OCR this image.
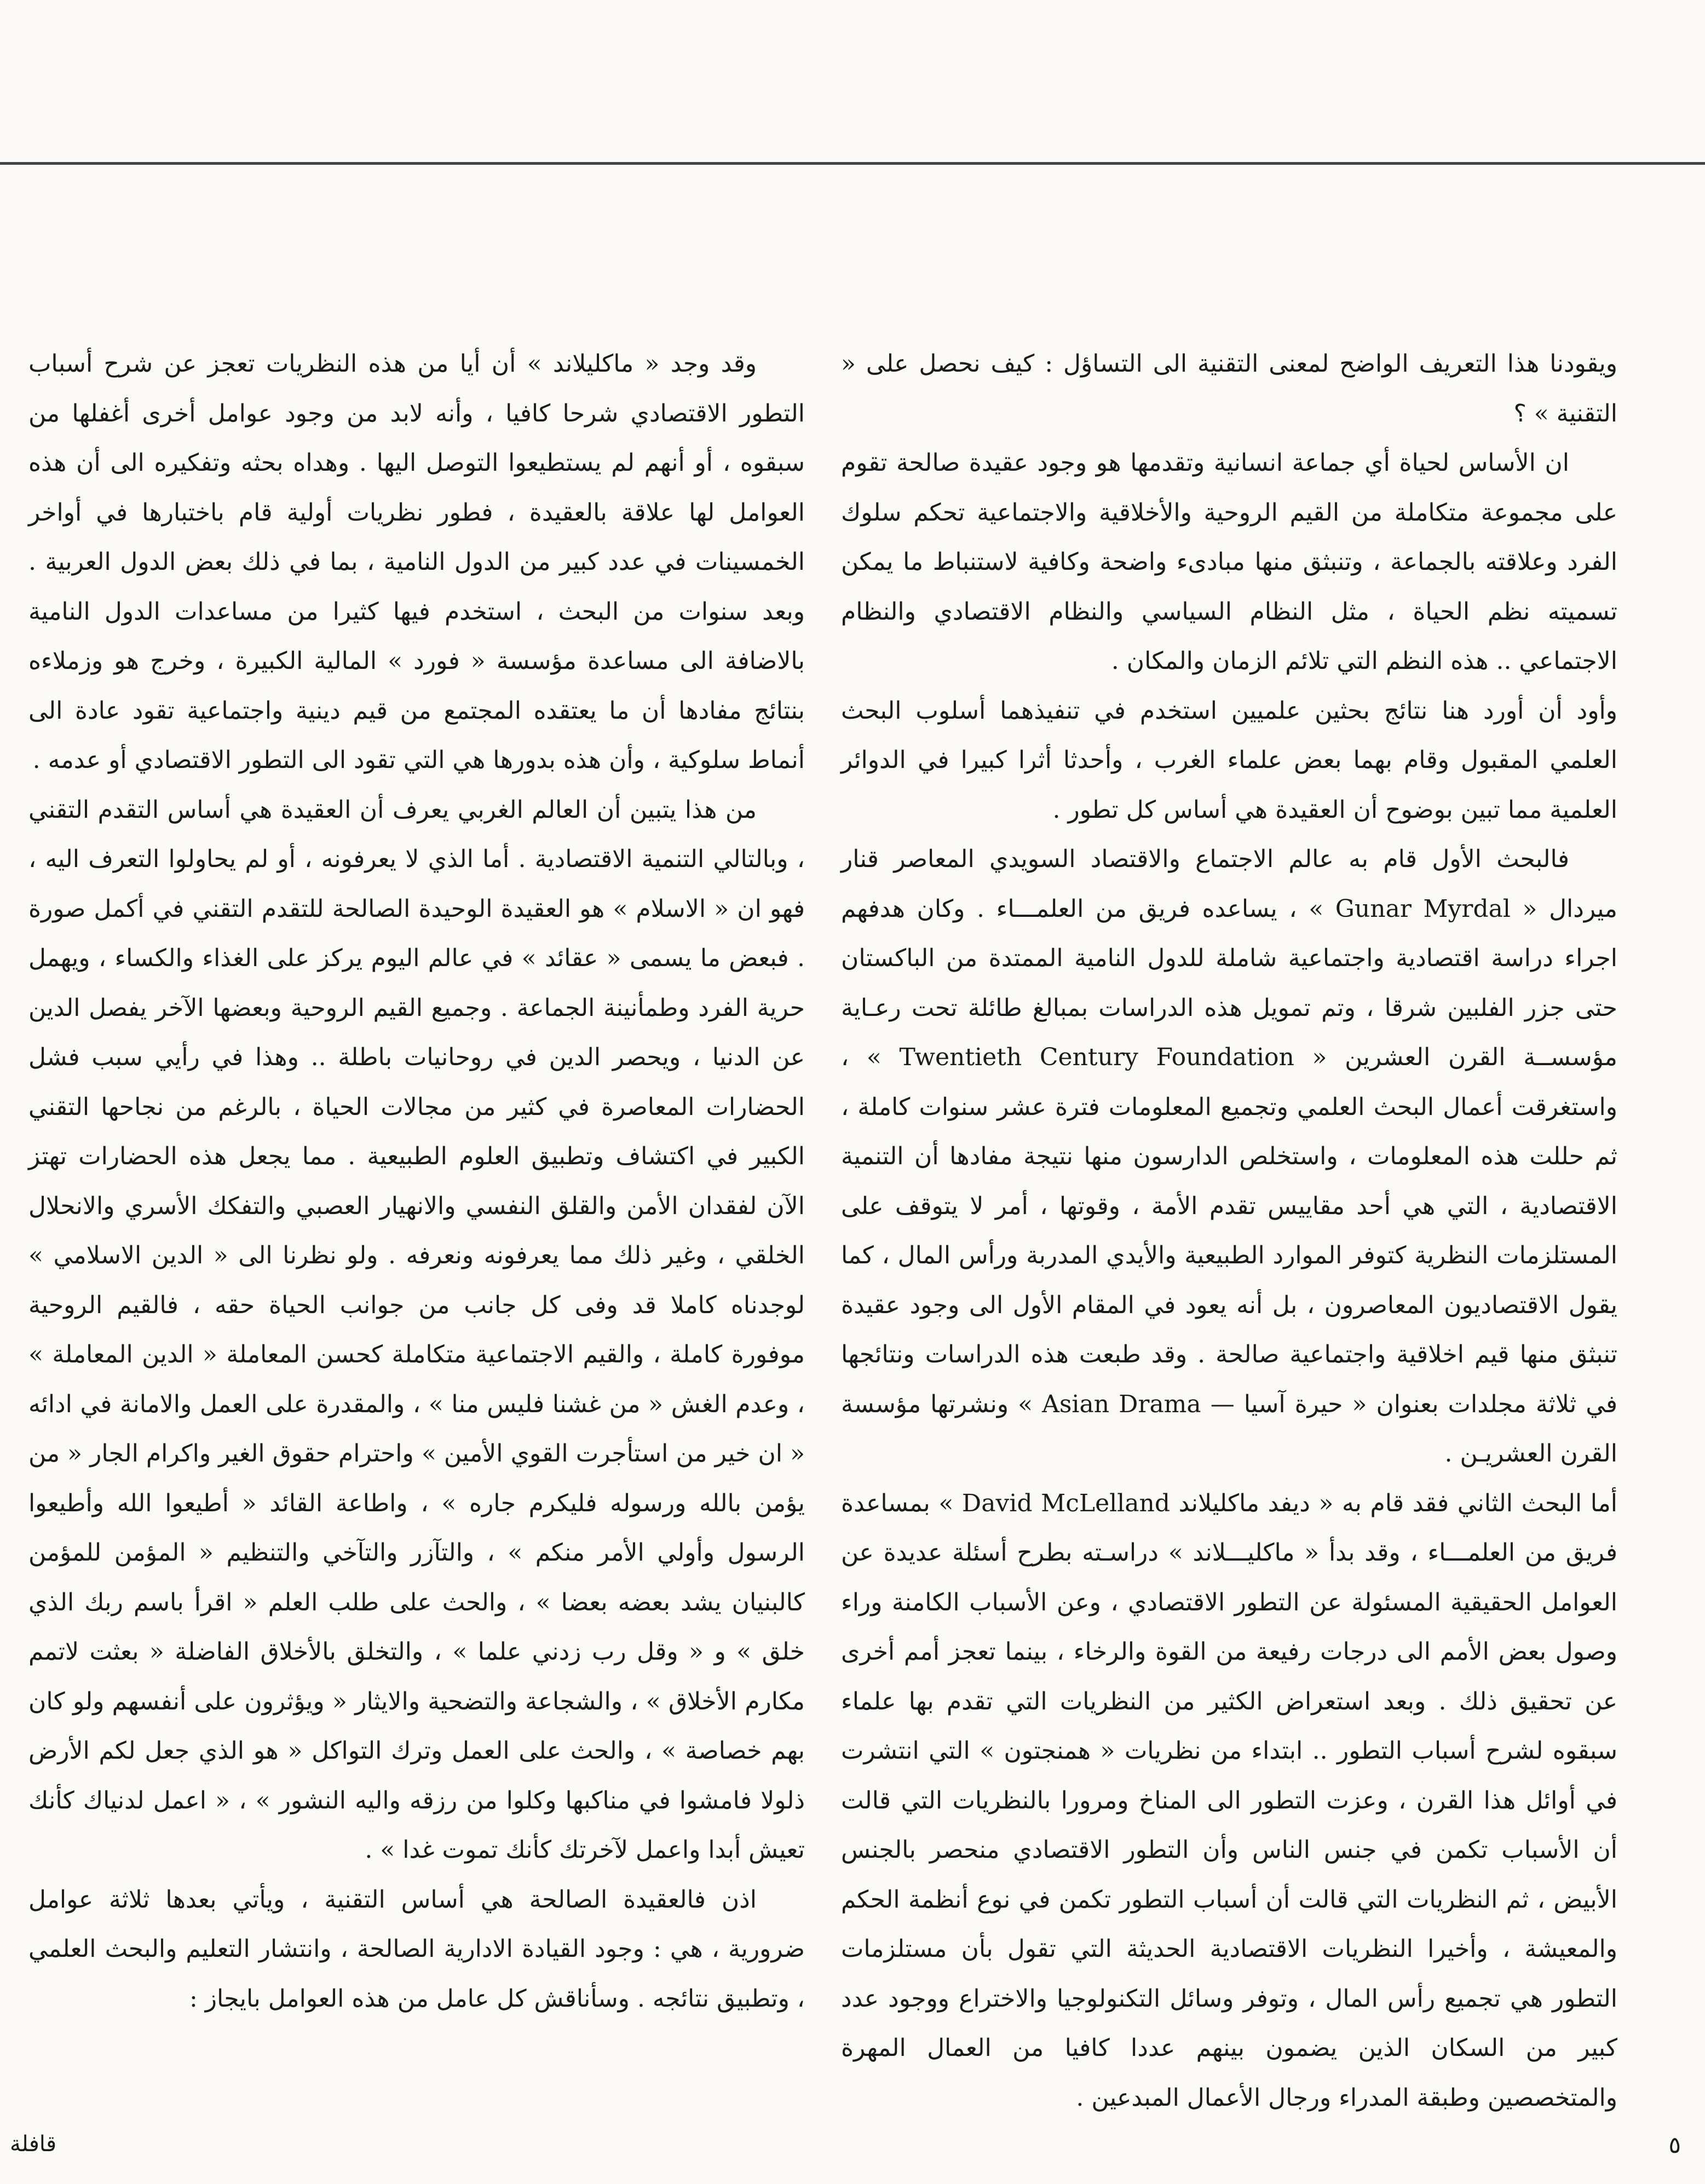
ويقودنا هذا التعريف الواضح لمعنى التقنية الى التساؤل : كيف نحصل على « التقنية » ؟

ان الأساس لحياة أي جماعة انسانية وتقدمها هو وجود عقيدة صالحة تقوم على مجموعة متكاملة من القيم الروحية والأخلاقية والاجتماعية تحكم سلوك الفرد وعلاقته بالجماعة ، وتنبثق منها مبادىء واضحة وكافية لاستنباط ما يمكن تسميته نظم الحياة ، مثل النظام السياسي والنظام الاقتصادي والنظام الاجتماعي .. هذه النظم التي تلائم الزمان والمكان .

وأود أن أورد هنا نتائج بحثين علميين استخدم في تنفيذهما أسلوب البحث العلمي المقبول وقام بهما بعض علماء الغرب ، وأحدثا أثرا كبيرا في الدوائر العلمية مما تبين بوضوح أن العقيدة هي أساس كل تطور .

فالبحث الأول قام به عالم الاجتماع والاقتصاد السويدي المعاصر قنار ميردال « Gunar Myrdal » ، يساعده فريق من العلمـــاء . وكان هدفهم اجراء دراسة اقتصادية واجتماعية شاملة للدول النامية الممتدة من الباكستان حتى جزر الفلبين شرقا ، وتم تمويل هذه الدراسات بمبالغ طائلة تحت رعـاية مؤسســة القرن العشرين « Twentieth Century Foundation » ، واستغرقت أعمال البحث العلمي وتجميع المعلومات فترة عشر سنوات كاملة ، ثم حللت هذه المعلومات ، واستخلص الدارسون منها نتيجة مفادها أن التنمية الاقتصادية ، التي هي أحد مقاييس تقدم الأمة ، وقوتها ، أمر لا يتوقف على المستلزمات النظرية كتوفر الموارد الطبيعية والأيدي المدربة ورأس المال ، كما يقول الاقتصاديون المعاصرون ، بل أنه يعود في المقام الأول الى وجود عقيدة تنبثق منها قيم اخلاقية واجتماعية صالحة . وقد طبعت هذه الدراسات ونتائجها في ثلاثة مجلدات بعنوان « حيرة آسيا — Asian Drama » ونشرتها مؤسسة القرن العشريـن .

أما البحث الثاني فقد قام به « ديفد ماكليلاند David McLelland » بمساعدة فريق من العلمـــاء ، وقد بدأ « ماكليـــلاند » دراسـته بطرح أسئلة عديدة عن العوامل الحقيقية المسئولة عن التطور الاقتصادي ، وعن الأسباب الكامنة وراء وصول بعض الأمم الى درجات رفيعة من القوة والرخاء ، بينما تعجز أمم أخرى عن تحقيق ذلك . وبعد استعراض الكثير من النظريات التي تقدم بها علماء سبقوه لشرح أسباب التطور .. ابتداء من نظريات « همنجتون » التي انتشرت في أوائل هذا القرن ، وعزت التطور الى المناخ ومرورا بالنظريات التي قالت أن الأسباب تكمن في جنس الناس وأن التطور الاقتصادي منحصر بالجنس الأبيض ، ثم النظريات التي قالت أن أسباب التطور تكمن في نوع أنظمة الحكم والمعيشة ، وأخيرا النظريات الاقتصادية الحديثة التي تقول بأن مستلزمات التطور هي تجميع رأس المال ، وتوفر وسائل التكنولوجيا والاختراع ووجود عدد كبير من السكان الذين يضمون بينهم عددا كافيا من العمال المهرة والمتخصصين وطبقة المدراء ورجال الأعمال المبدعين .

وقد وجد « ماكليلاند » أن أيا من هذه النظريات تعجز عن شرح أسباب التطور الاقتصادي شرحا كافيا ، وأنه لابد من وجود عوامل أخرى أغفلها من سبقوه ، أو أنهم لم يستطيعوا التوصل اليها . وهداه بحثه وتفكيره الى أن هذه العوامل لها علاقة بالعقيدة ، فطور نظريات أولية قام باختبارها في أواخر الخمسينات في عدد كبير من الدول النامية ، بما في ذلك بعض الدول العربية . وبعد سنوات من البحث ، استخدم فيها كثيرا من مساعدات الدول النامية بالاضافة الى مساعدة مؤسسة « فورد » المالية الكبيرة ، وخرج هو وزملاءه بنتائج مفادها أن ما يعتقده المجتمع من قيم دينية واجتماعية تقود عادة الى أنماط سلوكية ، وأن هذه بدورها هي التي تقود الى التطور الاقتصادي أو عدمه .

من هذا يتبين أن العالم الغربي يعرف أن العقيدة هي أساس التقدم التقني ، وبالتالي التنمية الاقتصادية . أما الذي لا يعرفونه ، أو لم يحاولوا التعرف اليه ، فهو ان « الاسلام » هو العقيدة الوحيدة الصالحة للتقدم التقني في أكمل صورة . فبعض ما يسمى « عقائد » في عالم اليوم يركز على الغذاء والكساء ، ويهمل حرية الفرد وطمأنينة الجماعة . وجميع القيم الروحية وبعضها الآخر يفصل الدين عن الدنيا ، ويحصر الدين في روحانيات باطلة .. وهذا في رأيي سبب فشل الحضارات المعاصرة في كثير من مجالات الحياة ، بالرغم من نجاحها التقني الكبير في اكتشاف وتطبيق العلوم الطبيعية . مما يجعل هذه الحضارات تهتز الآن لفقدان الأمن والقلق النفسي والانهيار العصبي والتفكك الأسري والانحلال الخلقي ، وغير ذلك مما يعرفونه ونعرفه . ولو نظرنا الى « الدين الاسلامي » لوجدناه كاملا قد وفى كل جانب من جوانب الحياة حقه ، فالقيم الروحية موفورة كاملة ، والقيم الاجتماعية متكاملة كحسن المعاملة « الدين المعاملة » ، وعدم الغش « من غشنا فليس منا » ، والمقدرة على العمل والامانة في ادائه « ان خير من استأجرت القوي الأمين » واحترام حقوق الغير واكرام الجار « من يؤمن بالله ورسوله فليكرم جاره » ، واطاعة القائد « أطيعوا الله وأطيعوا الرسول وأولي الأمر منكم » ، والتآزر والتآخي والتنظيم « المؤمن للمؤمن كالبنيان يشد بعضه بعضا » ، والحث على طلب العلم « اقرأ باسم ربك الذي خلق » و « وقل رب زدني علما » ، والتخلق بالأخلاق الفاضلة « بعثت لاتمم مكارم الأخلاق » ، والشجاعة والتضحية والايثار « ويؤثرون على أنفسهم ولو كان بهم خصاصة » ، والحث على العمل وترك التواكل « هو الذي جعل لكم الأرض ذلولا فامشوا في مناكبها وكلوا من رزقه واليه النشور » ، « اعمل لدنياك كأنك تعيش أبدا واعمل لآخرتك كأنك تموت غدا » .

اذن فالعقيدة الصالحة هي أساس التقنية ، ويأتي بعدها ثلاثة عوامل ضرورية ، هي : وجود القيادة الادارية الصالحة ، وانتشار التعليم والبحث العلمي ، وتطبيق نتائجه . وسأناقش كل عامل من هذه العوامل بايجاز :

٥
قافلة
